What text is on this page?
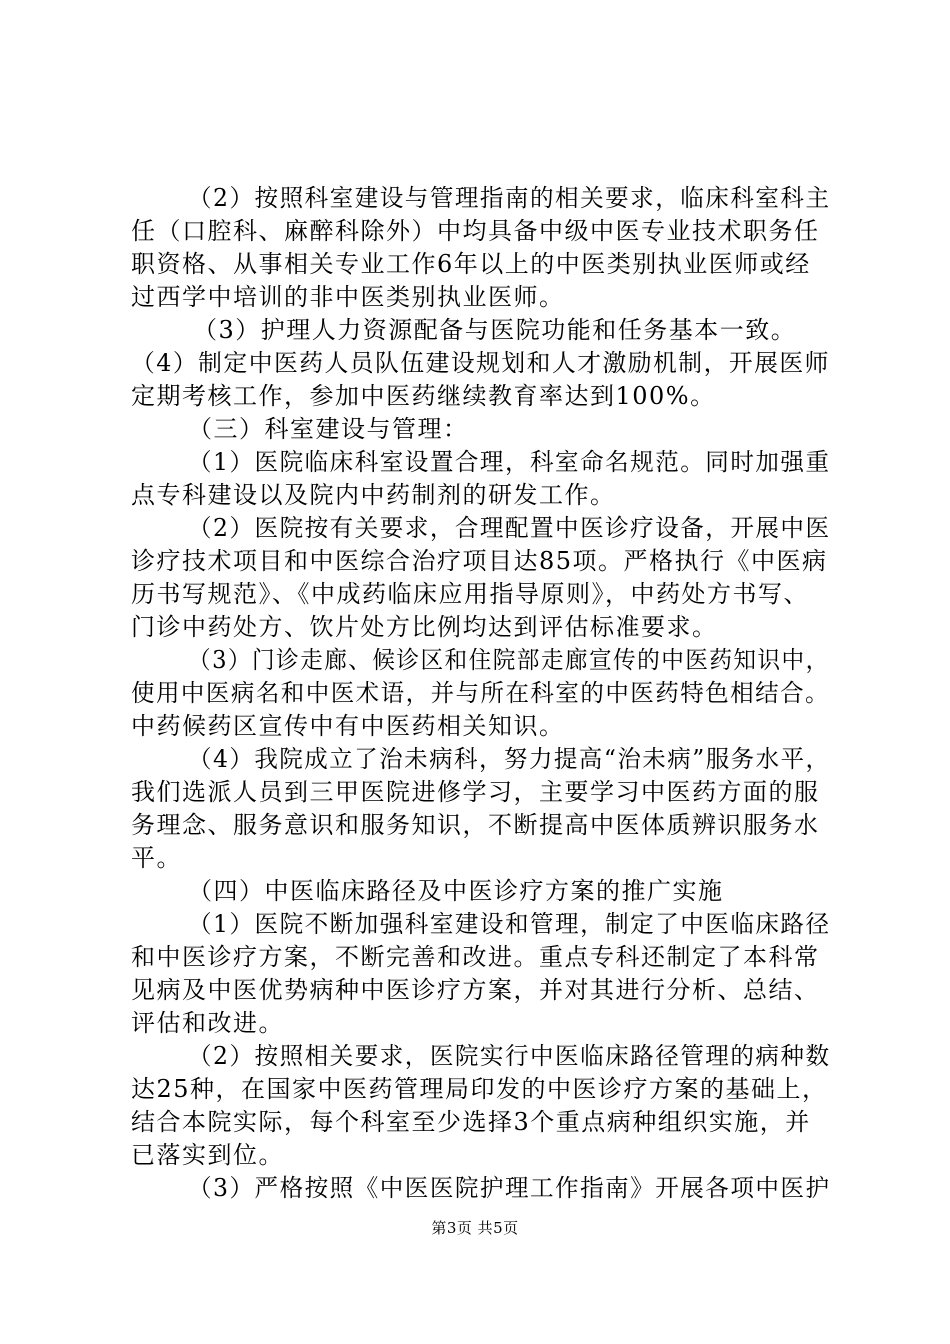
（2）按照科室建设与管理指南的相关要求，临床科室科主
任（口腔科、麻醉科除外）中均具备中级中医专业技术职务任
职资格、从事相关专业工作6年以上的中医类别执业医师或经
过西学中培训的非中医类别执业医师。
（3）护理人力资源配备与医院功能和任务基本一致。
（4）制定中医药人员队伍建设规划和人才激励机制，开展医师
定期考核工作，参加中医药继续教育率达到100%。
（三）科室建设与管理：
（1）医院临床科室设置合理，科室命名规范。同时加强重
点专科建设以及院内中药制剂的研发工作。
（2）医院按有关要求，合理配置中医诊疗设备，开展中医
诊疗技术项目和中医综合治疗项目达85项。严格执行《中医病
历书写规范》、《中成药临床应用指导原则》，中药处方书写、
门诊中药处方、饮片处方比例均达到评估标准要求。
（3）门诊走廊、候诊区和住院部走廊宣传的中医药知识中，
使用中医病名和中医术语，并与所在科室的中医药特色相结合。
中药候药区宣传中有中医药相关知识。
（4）我院成立了治未病科，努力提高“治未病”服务水平，
我们选派人员到三甲医院进修学习，主要学习中医药方面的服
务理念、服务意识和服务知识，不断提高中医体质辨识服务水
平。
（四）中医临床路径及中医诊疗方案的推广实施
（1）医院不断加强科室建设和管理，制定了中医临床路径
和中医诊疗方案，不断完善和改进。重点专科还制定了本科常
见病及中医优势病种中医诊疗方案，并对其进行分析、总结、
评估和改进。
（2）按照相关要求，医院实行中医临床路径管理的病种数
达25种，在国家中医药管理局印发的中医诊疗方案的基础上，
结合本院实际，每个科室至少选择3个重点病种组织实施，并
已落实到位。
（3）严格按照《中医医院护理工作指南》开展各项中医护
第3页 共5页
